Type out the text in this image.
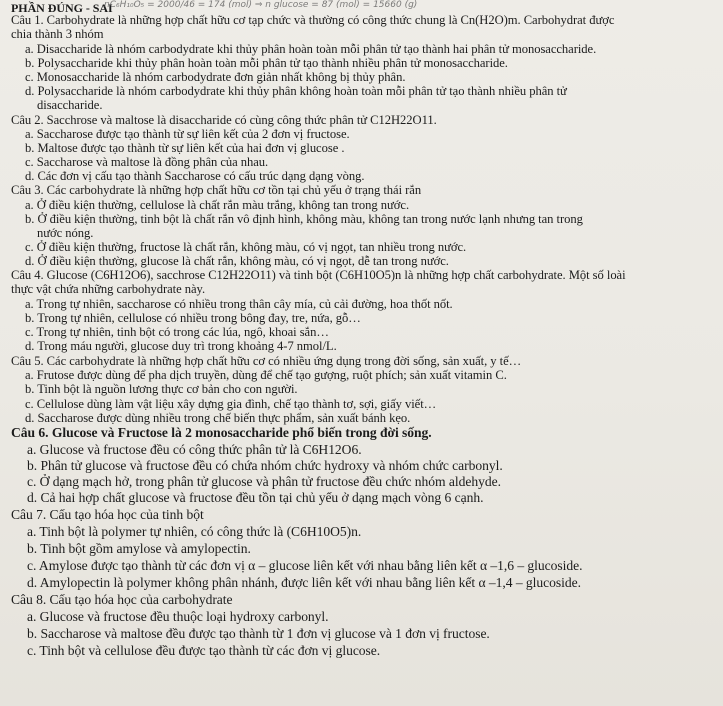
PHẦN ĐÚNG - SAI
nC₆H₁₀O₅ = 2000/46 = 174 (mol) ⇒ n glucose = 87 (mol) = 15660 (g)
Câu 1. Carbohydrate là những hợp chất hữu cơ tạp chức và thường có công thức chung là Cn(H2O)m. Carbohydrat được
chia thành 3 nhóm
a. Disaccharide là nhóm carbodydrate khi thủy phân hoàn toàn mỗi phân tử tạo thành hai phân tử monosaccharide.
b. Polysaccharide khi thủy phân hoàn toàn mỗi phân tử tạo thành nhiều phân tử monosaccharide.
c. Monosaccharide là nhóm carbodydrate đơn giản nhất không bị thủy phân.
d. Polysaccharide là nhóm carbodydrate khi thủy phân không hoàn toàn mỗi phân tử tạo thành nhiều phân tử
disaccharide.
Câu 2. Sacchrose và maltose là disaccharide có cùng công thức phân tử C12H22O11.
a. Saccharose được tạo thành từ sự liên kết của 2 đơn vị fructose.
b. Maltose được tạo thành từ sự liên kết của hai đơn vị glucose .
c. Saccharose và maltose là đồng phân của nhau.
d. Các đơn vị cấu tạo thành Saccharose có cấu trúc dạng dạng vòng.
Câu 3. Các carbohydrate là những hợp chất hữu cơ tồn tại chủ yếu ở trạng thái rắn
a. Ở điều kiện thường, cellulose là chất rắn màu trắng, không tan trong nước.
b. Ở điều kiện thường, tinh bột là chất rắn vô định hình, không màu, không tan trong nước lạnh nhưng tan trong
nước nóng.
c. Ở điều kiện thường, fructose là chất rắn, không màu, có vị ngọt, tan nhiều trong nước.
d. Ở điều kiện thường, glucose là chất rắn, không màu, có vị ngọt, dễ tan trong nước.
Câu 4. Glucose (C6H12O6), sacchrose C12H22O11) và tinh bột (C6H10O5)n là những hợp chất carbohydrate. Một số loài
thực vật chứa những carbohydrate này.
a. Trong tự nhiên, saccharose có nhiều trong thân cây mía, củ cải đường, hoa thốt nốt.
b. Trong tự nhiên, cellulose có nhiều trong bông đay, tre, nứa, gỗ…
c. Trong tự nhiên, tinh bột có trong các lúa, ngô, khoai sắn…
d. Trong máu người, glucose duy trì trong khoảng 4-7 nmol/L.
Câu 5. Các carbohydrate là những hợp chất hữu cơ có nhiều ứng dụng trong đời sống, sản xuất, y tế…
a. Frutose được dùng để pha dịch truyền, dùng để chế tạo gượng, ruột phích; sản xuất vitamin C.
b. Tinh bột là nguồn lương thực cơ bản cho con người.
c. Cellulose dùng làm vật liệu xây dựng gia đình, chế tạo thành tơ, sợi, giấy viết…
d. Saccharose được dùng nhiều trong chế biến thực phẩm, sản xuất bánh kẹo.
Câu 6. Glucose và Fructose là 2 monosaccharide phổ biến trong đời sống.
a. Glucose và fructose đều có công thức phân tử là C6H12O6.
b. Phân tử glucose và fructose đều có chứa nhóm chức hydroxy và nhóm chức carbonyl.
c. Ở dạng mạch hở, trong phân tử glucose và phân tử fructose đều chức nhóm aldehyde.
d. Cả hai hợp chất glucose và fructose đều tồn tại chủ yếu ở dạng mạch vòng 6 cạnh.
Câu 7. Cấu tạo hóa học của tinh bột
a. Tinh bột là polymer tự nhiên, có công thức là (C6H10O5)n.
b. Tinh bột gồm amylose và amylopectin.
c. Amylose được tạo thành từ các đơn vị α – glucose liên kết với nhau bằng liên kết α –1,6 – glucoside.
d. Amylopectin là polymer không phân nhánh, được liên kết với nhau bằng liên kết α –1,4 – glucoside.
Câu 8. Cấu tạo hóa học của carbohydrate
a. Glucose và fructose đều thuộc loại hydroxy carbonyl.
b. Saccharose và maltose đều được tạo thành từ 1 đơn vị glucose và 1 đơn vị fructose.
c. Tinh bột và cellulose đều được tạo thành từ các đơn vị glucose.
